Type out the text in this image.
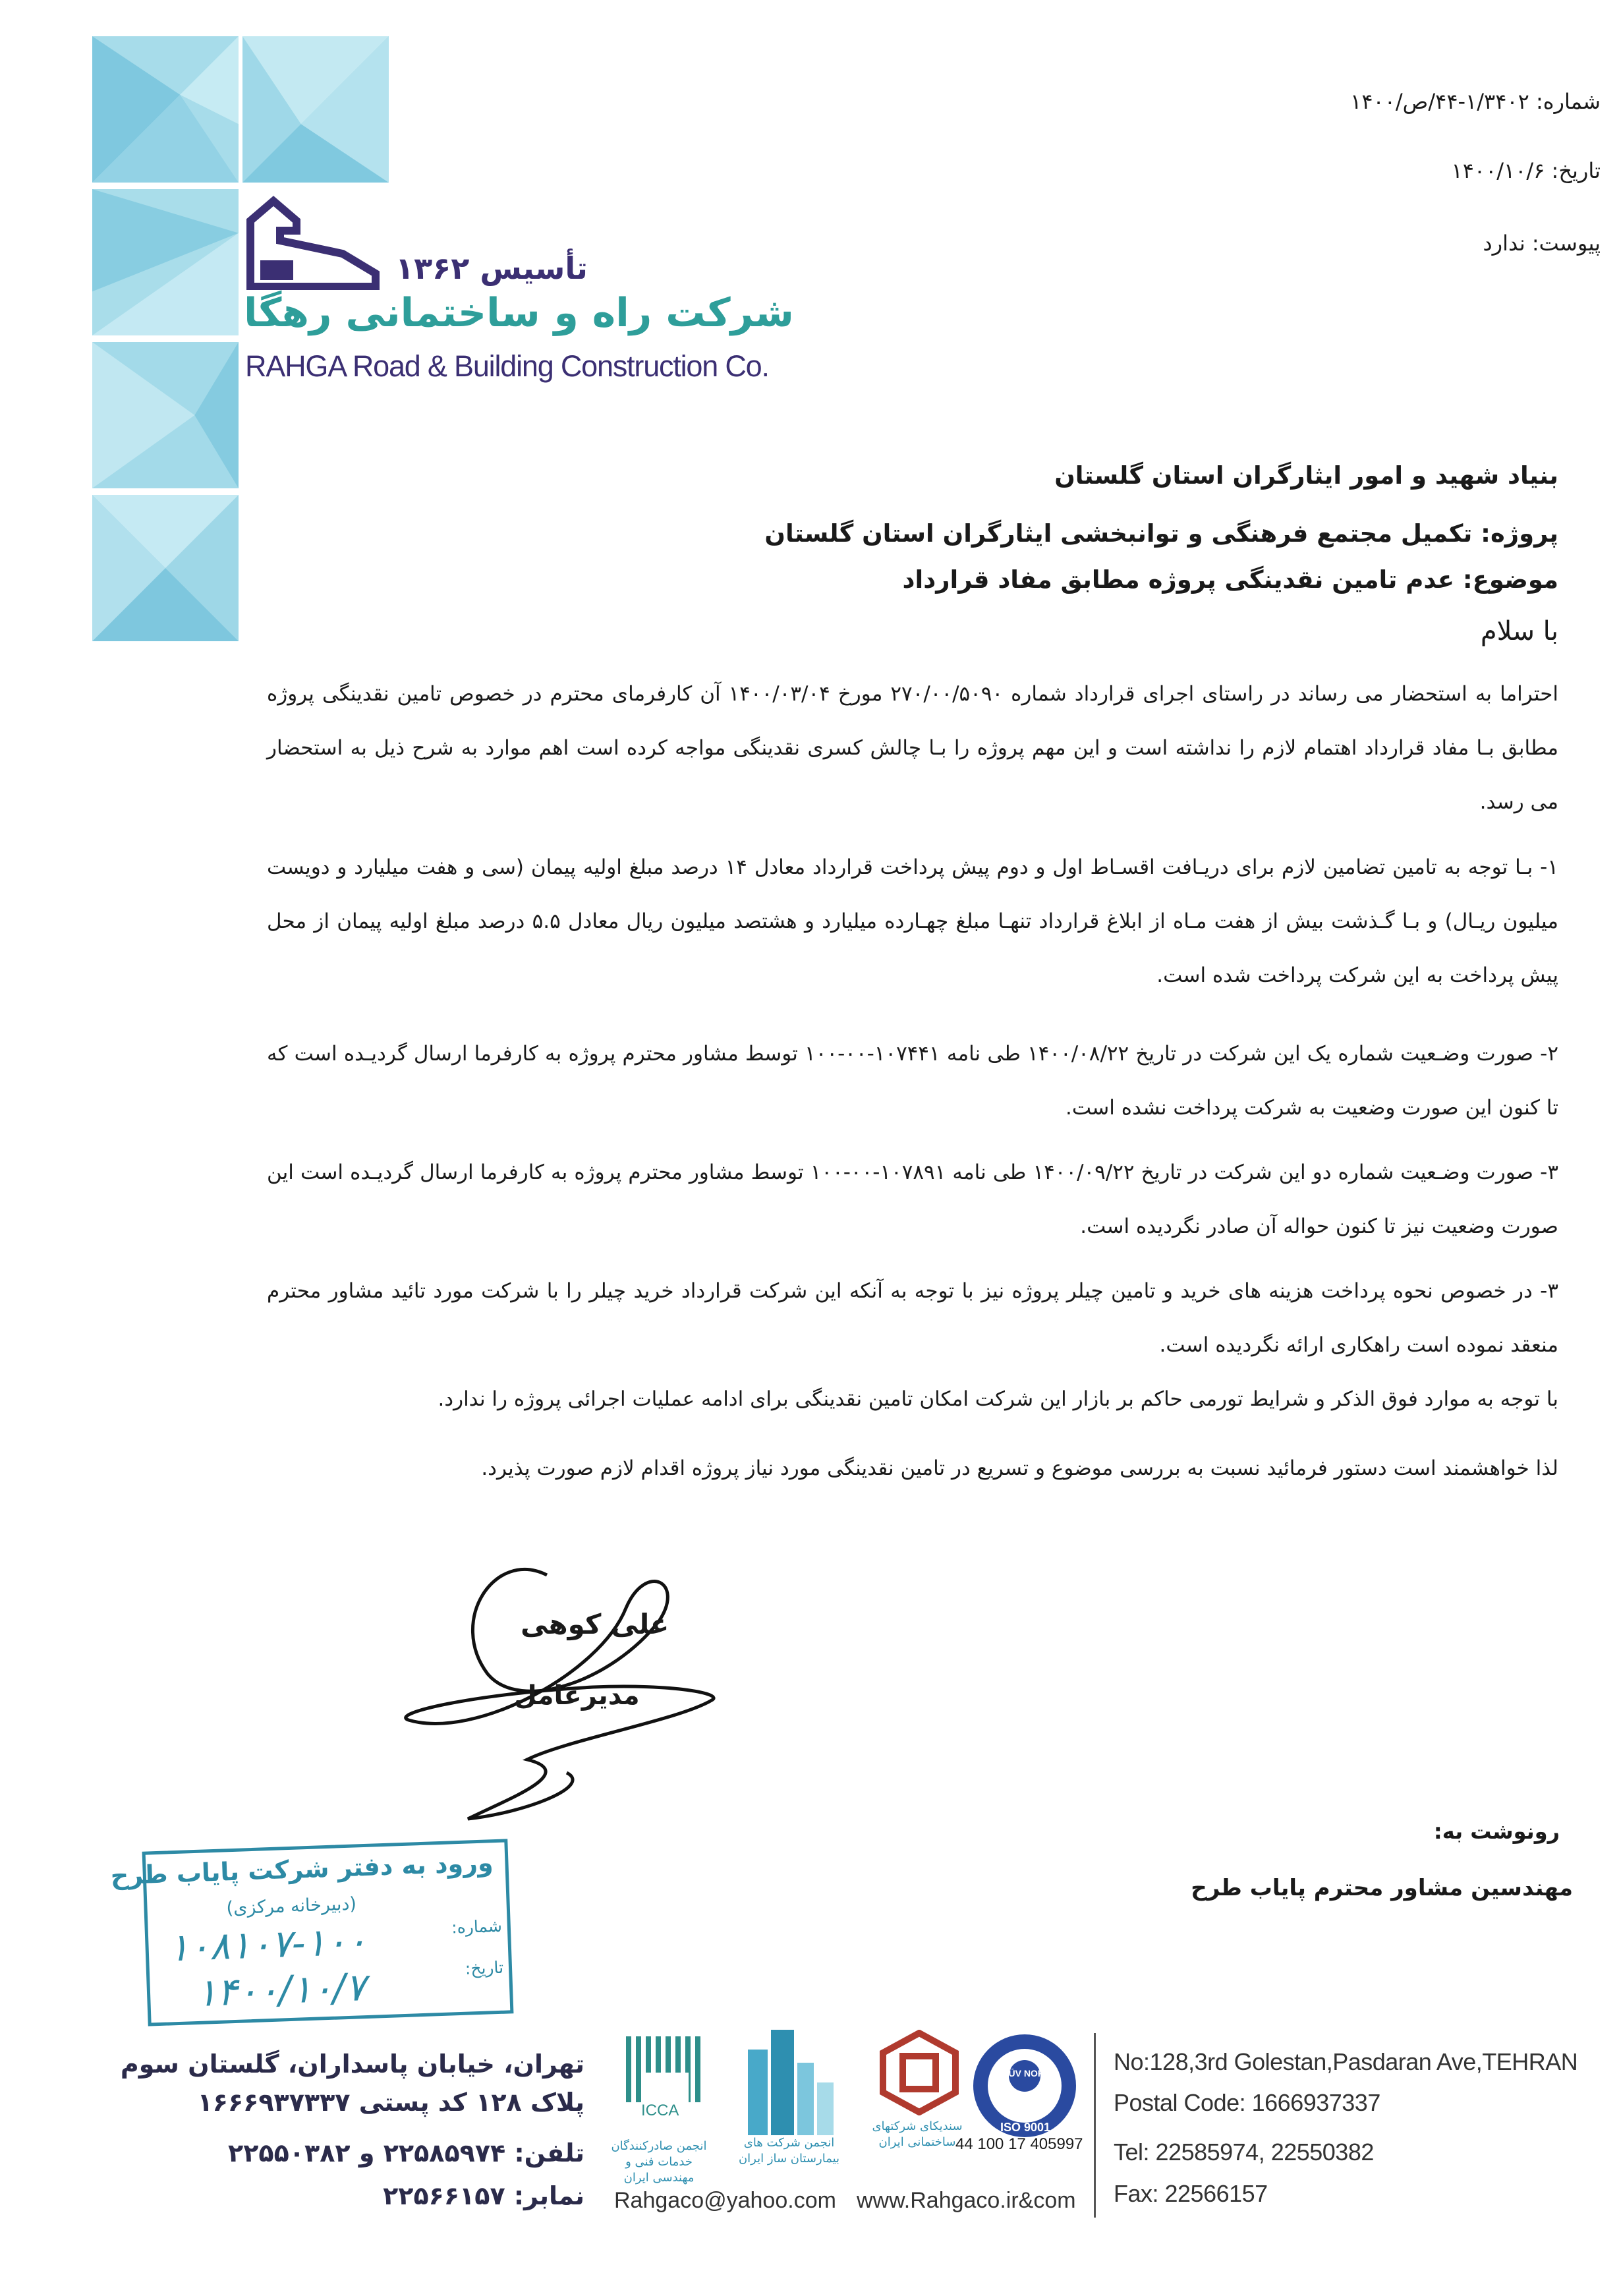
تأسیس ۱۳۶۲
شرکت راه و ساختمانی رهگا
RAHGA Road & Building Construction Co.
شماره: ۱/۳۴۰۲-۴۴/ص/۱۴۰۰
تاریخ: ۱۴۰۰/۱۰/۶
پیوست: ندارد
بنیاد شهید و امور ایثارگران استان گلستان
پروژه: تکمیل مجتمع فرهنگی و توانبخشی ایثارگران استان گلستان
موضوع: عدم تامین نقدینگی پروژه مطابق مفاد قرارداد
با سلام
احتراما به استحضار می رساند در راستای اجرای قرارداد شماره ۲۷۰/۰۰/۵۰۹۰ مورخ ۱۴۰۰/۰۳/۰۴ آن کارفرمای محترم در خصوص تامین نقدینگی پروژه مطابق بـا مفاد قرارداد اهتمام لازم را نداشته است و این مهم پروژه را بـا چالش کسری نقدینگی مواجه کرده است اهم موارد به شرح ذیل به استحضار می رسد.
۱- بـا توجه به تامین تضامین لازم برای دریـافت اقسـاط اول و دوم پیش پرداخت قرارداد معادل ۱۴ درصد مبلغ اولیه پیمان (سی و هفت میلیارد و دویست میلیون ریـال) و بـا گـذشت بیش از هفت مـاه از ابلاغ قرارداد تنهـا مبلغ چهـارده میلیارد و هشتصد میلیون ریال معادل ۵.۵ درصد مبلغ اولیه پیمان از محل پیش پرداخت به این شرکت پرداخت شده است.
۲- صورت وضـعیت شماره یک این شرکت در تاریخ ۱۴۰۰/۰۸/۲۲ طی نامه ۱۰۷۴۴۱-۰۰-۱۰۰ توسط مشاور محترم پروژه به کارفرما ارسال گردیـده است که تا کنون این صورت وضعیت به شرکت پرداخت نشده است.
۳- صورت وضـعیت شماره دو این شرکت در تاریخ ۱۴۰۰/۰۹/۲۲ طی نامه ۱۰۷۸۹۱-۰۰-۱۰۰ توسط مشاور محترم پروژه به کارفرما ارسال گردیـده است این صورت وضعیت نیز تا کنون حواله آن صادر نگردیده است.
۳- در خصوص نحوه پرداخت هزینه های خرید و تامین چیلر پروژه نیز با توجه به آنکه این شرکت قرارداد خرید چیلر را با شرکت مورد تائید مشاور محترم منعقد نموده است راهکاری ارائه نگردیده است.
با توجه به موارد فوق الذکر و شرایط تورمی حاکم بر بازار این شرکت امکان تامین نقدینگی برای ادامه عملیات اجرائی پروژه را ندارد.
لذا خواهشمند است دستور فرمائید نسبت به بررسی موضوع و تسریع در تامین نقدینگی مورد نیاز پروژه اقدام لازم صورت پذیرد.
علی کوهی
مدیرعامل
رونوشت به:
مهندسین مشاور محترم پایاب طرح
ورود به دفتر شرکت پایاب طرح
(دبیرخانه مرکزی)
شماره:
تاریخ:
۱۰۸۱۰۷-۱۰۰
۱۴۰۰/۱۰/۷
تهران، خیابان پاسداران، گلستان سوم
پلاک ۱۲۸ کد پستی ۱۶۶۶۹۳۷۳۳۷
تلفن: ۲۲۵۸۵۹۷۴ و ۲۲۵۵۰۳۸۲
نمابر: ۲۲۵۶۶۱۵۷
ICCA
انجمن صادرکنندگان خدمات فنی و مهندسی ایران
انجمن شرکت های بیمارستان ساز ایران
سندیکای شرکتهای ساختمانی ایران
TÜV NORD
ISO 9001
44 100 17 405997
Rahgaco@yahoo.com www.Rahgaco.ir&com
No:128,3rd Golestan,Pasdaran Ave,TEHRAN
Postal Code: 1666937337
Tel: 22585974, 22550382
Fax: 22566157
